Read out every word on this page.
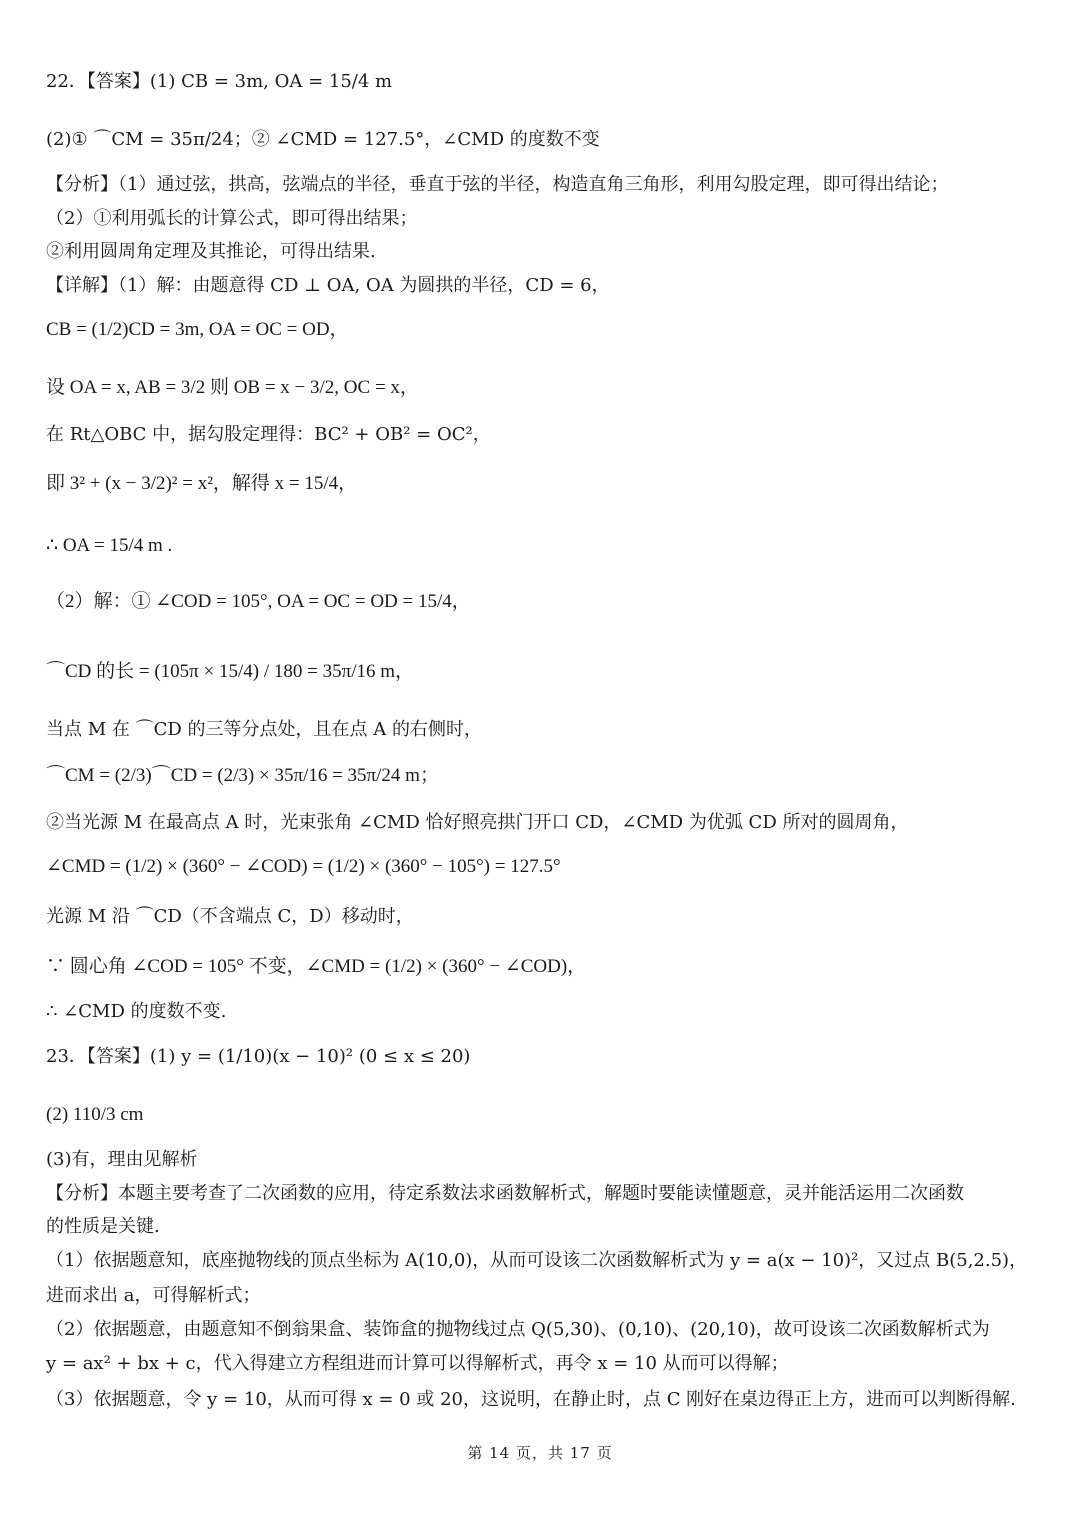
22．【答案】(1) CB = 3m, OA = 15/4 m
(2)① ⌒CM = 35π/24；② ∠CMD = 127.5°，∠CMD 的度数不变
【分析】（1）通过弦，拱高，弦端点的半径，垂直于弦的半径，构造直角三角形，利用勾股定理，即可得出结论；
（2）①利用弧长的计算公式，即可得出结果；
②利用圆周角定理及其推论，可得出结果.
【详解】（1）解：由题意得 CD ⊥ OA, OA 为圆拱的半径，CD = 6，
CB = (1/2)CD = 3m, OA = OC = OD，
设 OA = x, AB = 3/2 则 OB = x − 3/2, OC = x，
在 Rt△OBC 中，据勾股定理得：BC² + OB² = OC²，
即 3² + (x − 3/2)² = x²，解得 x = 15/4，
∴ OA = 15/4 m .
（2）解：① ∠COD = 105°, OA = OC = OD = 15/4，
⌒CD 的长 = (105π × 15/4) / 180 = 35π/16 m，
当点 M 在 ⌒CD 的三等分点处，且在点 A 的右侧时，
⌒CM = (2/3)⌒CD = (2/3) × 35π/16 = 35π/24 m；
②当光源 M 在最高点 A 时，光束张角 ∠CMD 恰好照亮拱门开口 CD，∠CMD 为优弧 CD 所对的圆周角，
∠CMD = (1/2) × (360° − ∠COD) = (1/2) × (360° − 105°) = 127.5°
光源 M 沿 ⌒CD（不含端点 C，D）移动时，
∵ 圆心角 ∠COD = 105° 不变，∠CMD = (1/2) × (360° − ∠COD)，
∴ ∠CMD 的度数不变.
23．【答案】(1) y = (1/10)(x − 10)² (0 ≤ x ≤ 20)
(2) 110/3 cm
(3)有，理由见解析
【分析】本题主要考查了二次函数的应用，待定系数法求函数解析式，解题时要能读懂题意，灵并能活运用二次函数
的性质是关键.
（1）依据题意知，底座抛物线的顶点坐标为 A(10,0)，从而可设该二次函数解析式为 y = a(x − 10)²，又过点 B(5,2.5)，
进而求出 a，可得解析式；
（2）依据题意，由题意知不倒翁果盒、装饰盒的抛物线过点 Q(5,30)、(0,10)、(20,10)，故可设该二次函数解析式为
y = ax² + bx + c，代入得建立方程组进而计算可以得解析式，再令 x = 10 从而可以得解；
（3）依据题意，令 y = 10，从而可得 x = 0 或 20，这说明，在静止时，点 C 刚好在桌边得正上方，进而可以判断得解.
第 14 页，共 17 页
